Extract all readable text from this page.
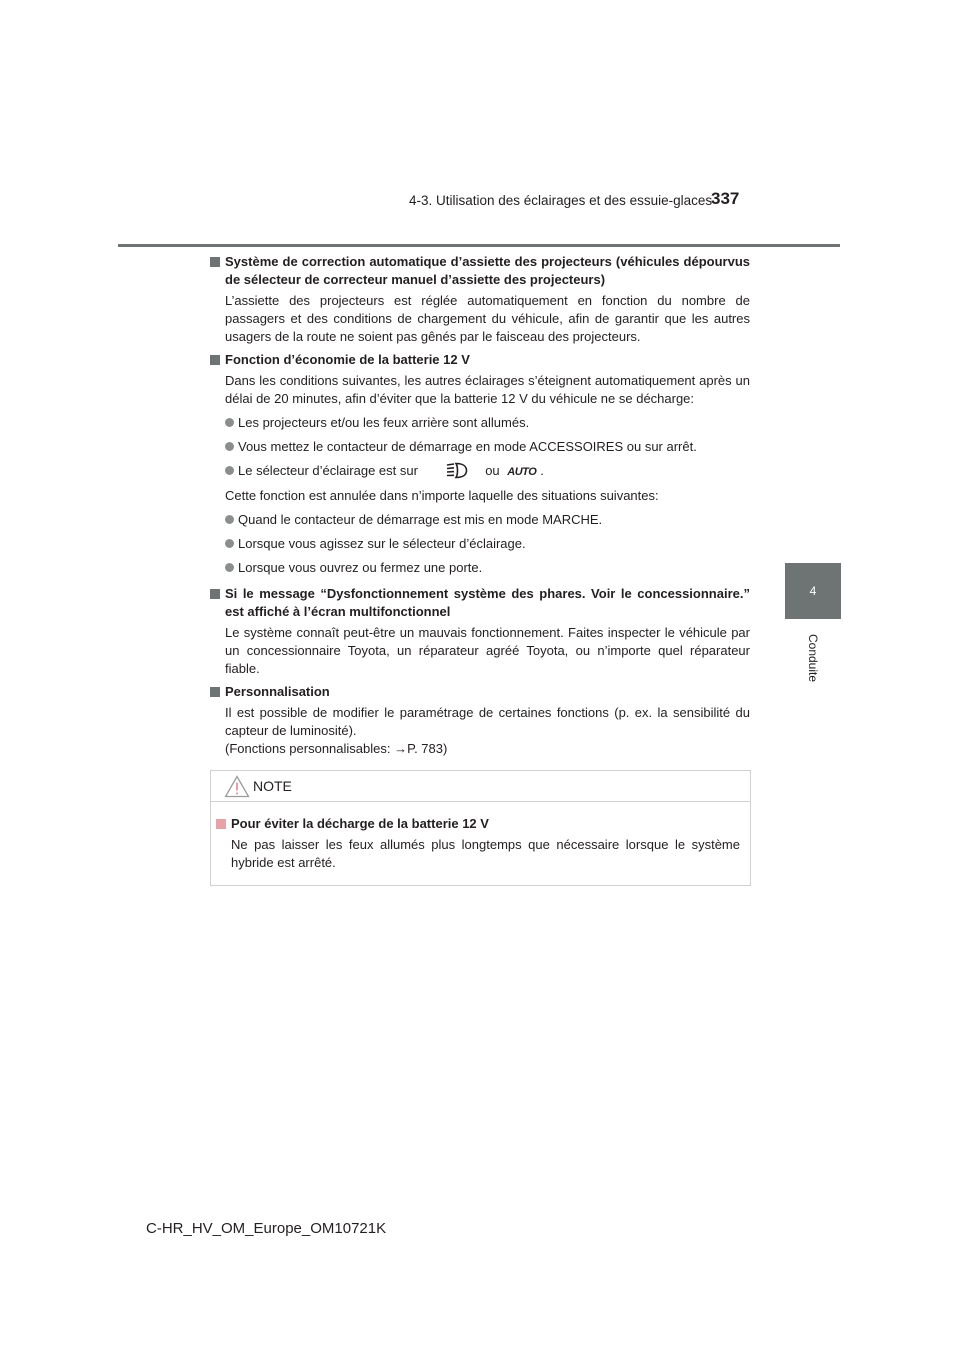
4-3. Utilisation des éclairages et des essuie-glaces
337
4
Conduite
Système de correction automatique d’assiette des projecteurs (véhicules dépourvus de sélecteur de correcteur manuel d’assiette des projecteurs)
L’assiette des projecteurs est réglée automatiquement en fonction du nombre de passagers et des conditions de chargement du véhicule, afin de garantir que les autres usagers de la route ne soient pas gênés par le faisceau des projecteurs.
Fonction d’économie de la batterie 12 V
Dans les conditions suivantes, les autres éclairages s’éteignent automatiquement après un délai de 20 minutes, afin d’éviter que la batterie 12 V du véhicule ne se décharge:
Les projecteurs et/ou les feux arrière sont allumés.
Vous mettez le contacteur de démarrage en mode ACCESSOIRES ou sur arrêt.
Le sélecteur d’éclairage est sur	ou AUTO .
Cette fonction est annulée dans n’importe laquelle des situations suivantes:
Quand le contacteur de démarrage est mis en mode MARCHE.
Lorsque vous agissez sur le sélecteur d’éclairage.
Lorsque vous ouvrez ou fermez une porte.
Si le message “Dysfonctionnement système des phares. Voir le concessionnaire.” est affiché à l’écran multifonctionnel
Le système connaît peut-être un mauvais fonctionnement. Faites inspecter le véhicule par un concessionnaire Toyota, un réparateur agréé Toyota, ou n’importe quel réparateur fiable.
Personnalisation
Il est possible de modifier le paramétrage de certaines fonctions (p. ex. la sensibilité du capteur de luminosité).
(Fonctions personnalisables: →P. 783)
NOTE
Pour éviter la décharge de la batterie 12 V
Ne pas laisser les feux allumés plus longtemps que nécessaire lorsque le système hybride est arrêté.
C-HR_HV_OM_Europe_OM10721K
